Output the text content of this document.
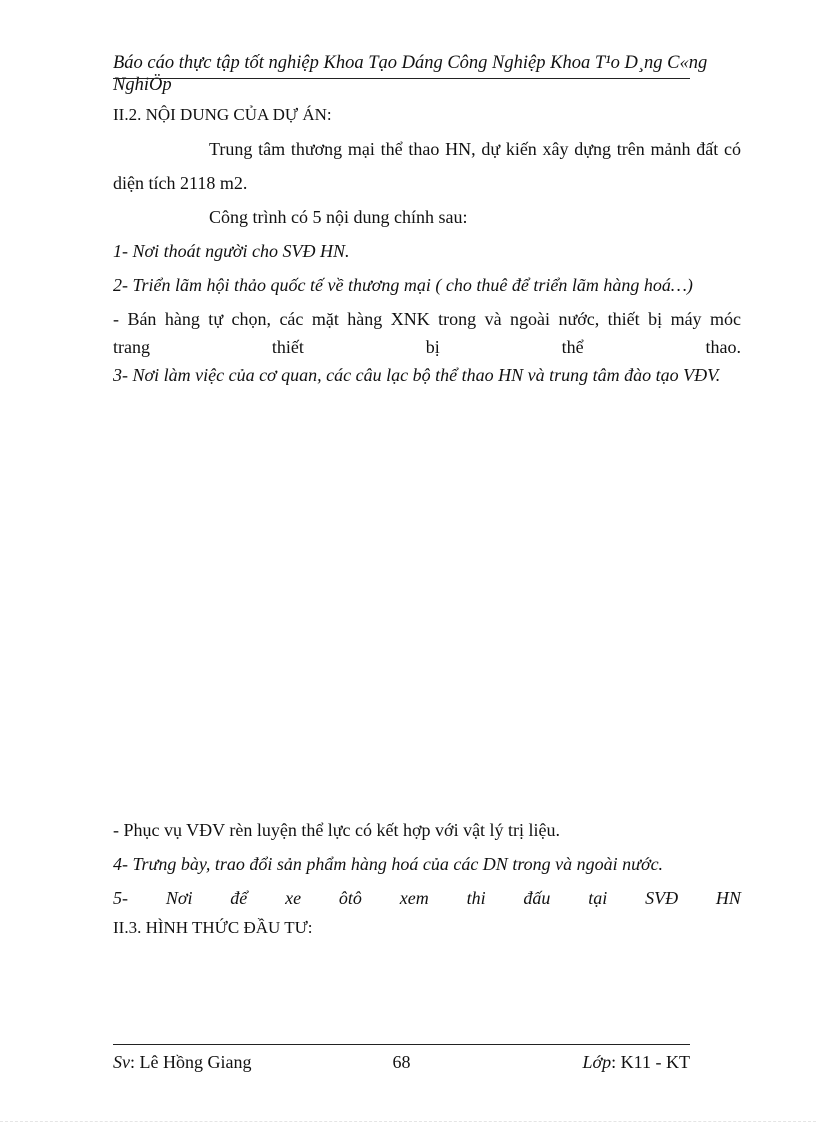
Báo cáo thực tập tốt nghiệp Khoa Tạo Dáng Công Nghiệp Khoa T¹o D¸ng C«ng
NghiÖp
II.2. NỘI DUNG CỦA DỰ ÁN:
Trung tâm thương mại thể thao HN, dự kiến xây dựng trên mảnh đất có diện tích 2118 m2.
Công trình có 5 nội dung chính sau:
1- Nơi thoát người cho SVĐ HN.
2- Triển lãm hội thảo quốc tế về thương mại ( cho thuê để triển lãm hàng hoá…)
- Bán hàng tự chọn, các mặt hàng XNK trong và ngoài nước, thiết bị máy móc
trang	thiết	bị	thể	thao.
3- Nơi làm việc của cơ quan, các câu lạc bộ thể thao HN và trung tâm đào tạo VĐV.
- Phục vụ VĐV rèn luyện thể lực có kết hợp với vật lý trị liệu.
4- Trưng bày, trao đổi sản phẩm hàng hoá của các DN trong và ngoài nước.
5- Nơi để xe ôtô xem thi đấu tại SVĐ HN
II.3. HÌNH THỨC ĐẦU TƯ:
68
Sv: Lê Hồng Giang	Lớp: K11 - KT
